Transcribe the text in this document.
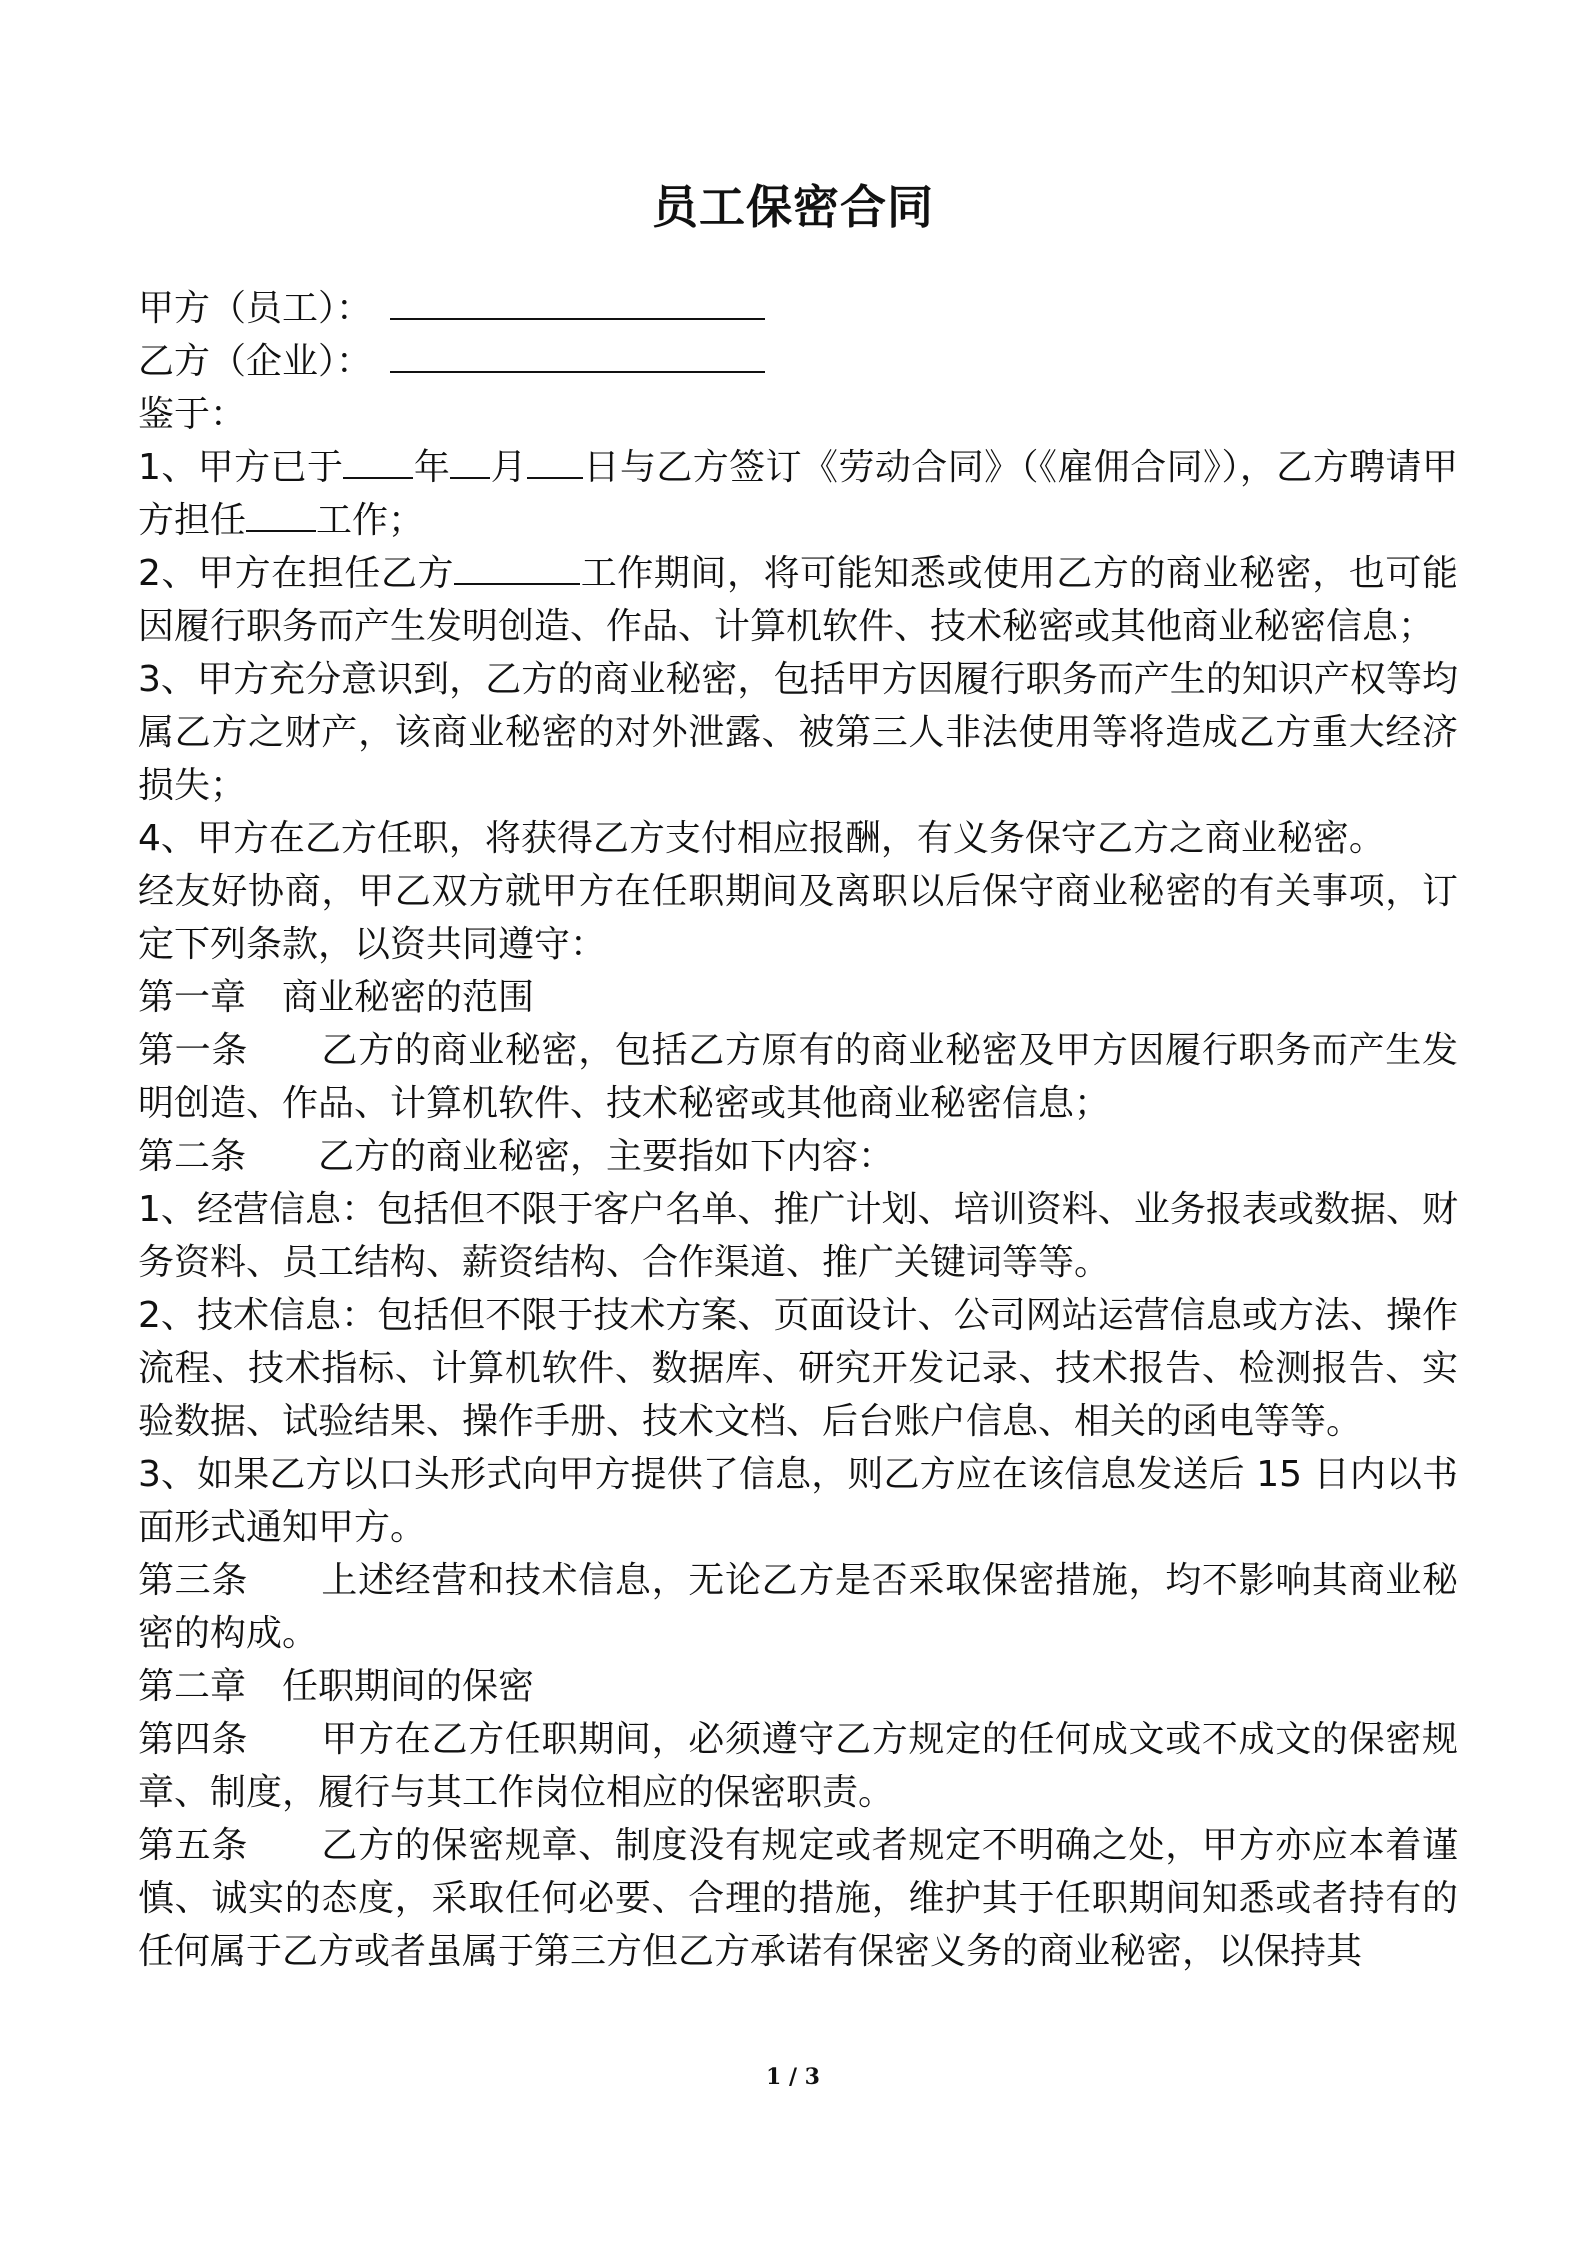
员工保密合同

甲方（员工）：

乙方（企业）：

鉴于：

1、甲方已于 年 月 日与乙方签订《劳动合同》（《雇佣合同》），乙方聘请甲方担任 工作；

2、甲方在担任乙方	工作期间，将可能知悉或使用乙方的商业秘密，也可能因履行职务而产生发明创造、作品、计算机软件、技术秘密或其他商业秘密信息；

3、甲方充分意识到，乙方的商业秘密，包括甲方因履行职务而产生的知识产权等均属乙方之财产，该商业秘密的对外泄露、被第三人非法使用等将造成乙方重大经济损失；

4、甲方在乙方任职，将获得乙方支付相应报酬，有义务保守乙方之商业秘密。

经友好协商，甲乙双方就甲方在任职期间及离职以后保守商业秘密的有关事项，订定下列条款，以资共同遵守：

第一章　商业秘密的范围

第一条　　乙方的商业秘密，包括乙方原有的商业秘密及甲方因履行职务而产生发明创造、作品、计算机软件、技术秘密或其他商业秘密信息；

第二条　　乙方的商业秘密，主要指如下内容：

1、经营信息：包括但不限于客户名单、推广计划、培训资料、业务报表或数据、财务资料、员工结构、薪资结构、合作渠道、推广关键词等等。

2、技术信息：包括但不限于技术方案、页面设计、公司网站运营信息或方法、操作流程、技术指标、计算机软件、数据库、研究开发记录、技术报告、检测报告、实验数据、试验结果、操作手册、技术文档、后台账户信息、相关的函电等等。

3、如果乙方以口头形式向甲方提供了信息，则乙方应在该信息发送后 15 日内以书面形式通知甲方。

第三条　　上述经营和技术信息，无论乙方是否采取保密措施，均不影响其商业秘密的构成。

第二章　任职期间的保密

第四条　　甲方在乙方任职期间，必须遵守乙方规定的任何成文或不成文的保密规章、制度，履行与其工作岗位相应的保密职责。

第五条　　乙方的保密规章、制度没有规定或者规定不明确之处，甲方亦应本着谨慎、诚实的态度，采取任何必要、合理的措施，维护其于任职期间知悉或者持有的任何属于乙方或者虽属于第三方但乙方承诺有保密义务的商业秘密，以保持其

1 / 3
